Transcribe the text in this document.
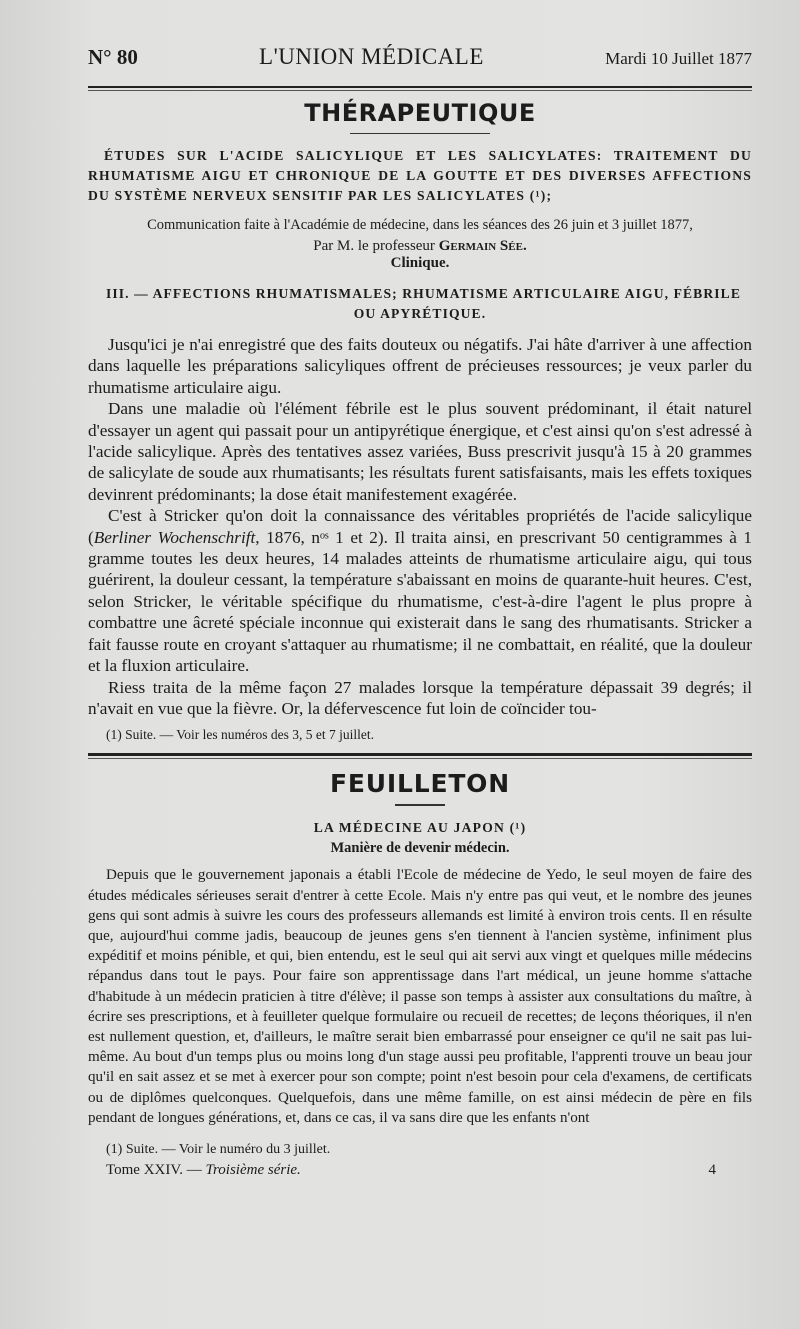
N° 80	L'UNION MÉDICALE	Mardi 10 Juillet 1877
THÉRAPEUTIQUE
ÉTUDES SUR L'ACIDE SALICYLIQUE ET LES SALICYLATES: TRAITEMENT DU RHUMATISME AIGU ET CHRONIQUE DE LA GOUTTE ET DES DIVERSES AFFECTIONS DU SYSTÈME NERVEUX SENSITIF PAR LES SALICYLATES (¹);
Communication faite à l'Académie de médecine, dans les séances des 26 juin et 3 juillet 1877,
Par M. le professeur Germain Sée.
Clinique.
III. — AFFECTIONS RHUMATISMALES; RHUMATISME ARTICULAIRE AIGU, FÉBRILE
OU APYRÉTIQUE.

Jusqu'ici je n'ai enregistré que des faits douteux ou négatifs. J'ai hâte d'arriver à une affection dans laquelle les préparations salicyliques offrent de précieuses ressources; je veux parler du rhumatisme articulaire aigu.

Dans une maladie où l'élément fébrile est le plus souvent prédominant, il était naturel d'essayer un agent qui passait pour un antipyrétique énergique, et c'est ainsi qu'on s'est adressé à l'acide salicylique. Après des tentatives assez variées, Buss prescrivit jusqu'à 15 à 20 grammes de salicylate de soude aux rhumatisants; les résultats furent satisfaisants, mais les effets toxiques devinrent prédominants; la dose était manifestement exagérée.

C'est à Stricker qu'on doit la connaissance des véritables propriétés de l'acide salicylique (Berliner Wochenschrift, 1876, nᵒˢ 1 et 2). Il traita ainsi, en prescrivant 50 centigrammes à 1 gramme toutes les deux heures, 14 malades atteints de rhumatisme articulaire aigu, qui tous guérirent, la douleur cessant, la température s'abaissant en moins de quarante-huit heures. C'est, selon Stricker, le véritable spécifique du rhumatisme, c'est-à-dire l'agent le plus propre à combattre une âcreté spéciale inconnue qui existerait dans le sang des rhumatisants. Stricker a fait fausse route en croyant s'attaquer au rhumatisme; il ne combattait, en réalité, que la douleur et la fluxion articulaire.

Riess traita de la même façon 27 malades lorsque la température dépassait 39 degrés; il n'avait en vue que la fièvre. Or, la défervescence fut loin de coïncider tou-

(1) Suite. — Voir les numéros des 3, 5 et 7 juillet.
FEUILLETON
LA MÉDECINE AU JAPON (¹)
Manière de devenir médecin.

Depuis que le gouvernement japonais a établi l'Ecole de médecine de Yedo, le seul moyen de faire des études médicales sérieuses serait d'entrer à cette Ecole. Mais n'y entre pas qui veut, et le nombre des jeunes gens qui sont admis à suivre les cours des professeurs allemands est limité à environ trois cents. Il en résulte que, aujourd'hui comme jadis, beaucoup de jeunes gens s'en tiennent à l'ancien système, infiniment plus expéditif et moins pénible, et qui, bien entendu, est le seul qui ait servi aux vingt et quelques mille médecins répandus dans tout le pays. Pour faire son apprentissage dans l'art médical, un jeune homme s'attache d'habitude à un médecin praticien à titre d'élève; il passe son temps à assister aux consultations du maître, à écrire ses prescriptions, et à feuilleter quelque formulaire ou recueil de recettes; de leçons théoriques, il n'en est nullement question, et, d'ailleurs, le maître serait bien embarrassé pour enseigner ce qu'il ne sait pas lui-même. Au bout d'un temps plus ou moins long d'un stage aussi peu profitable, l'apprenti trouve un beau jour qu'il en sait assez et se met à exercer pour son compte; point n'est besoin pour cela d'examens, de certificats ou de diplômes quelconques. Quelquefois, dans une même famille, on est ainsi médecin de père en fils pendant de longues générations, et, dans ce cas, il va sans dire que les enfants n'ont

(1) Suite. — Voir le numéro du 3 juillet.
Tome XXIV. — Troisième série.	4
